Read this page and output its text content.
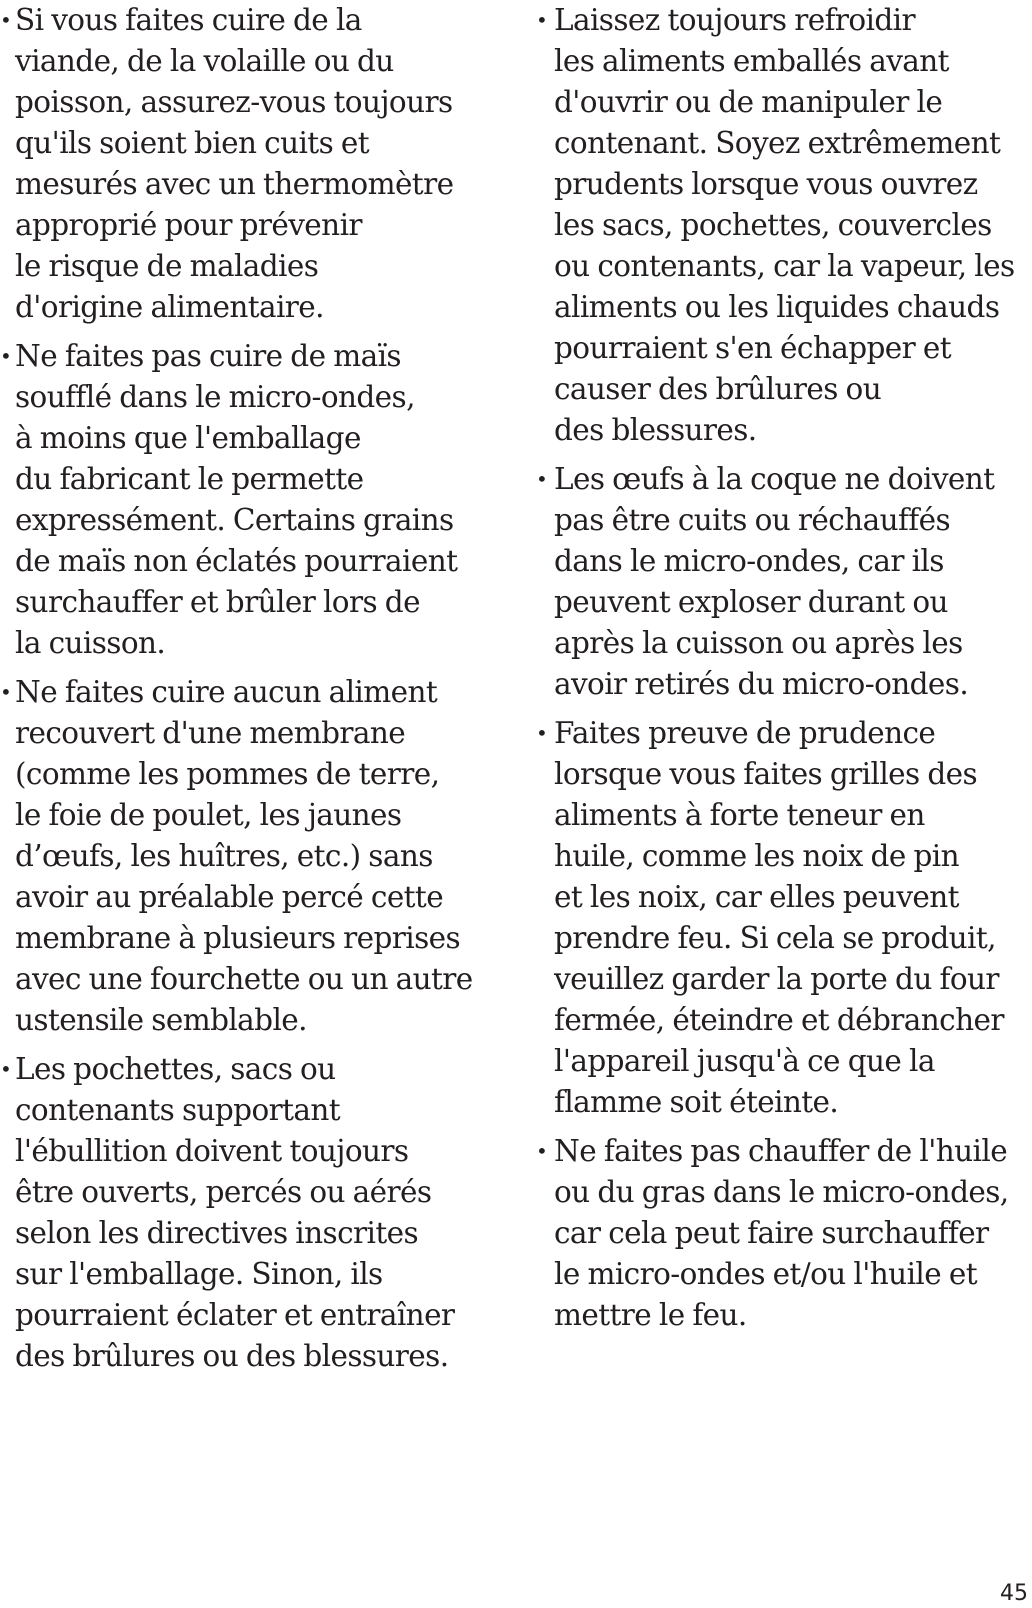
• Si vous faites cuire de la
viande, de la volaille ou du
poisson, assurez-vous toujours
qu'ils soient bien cuits et
mesurés avec un thermomètre
approprié pour prévenir
le risque de maladies
d'origine alimentaire.
• Ne faites pas cuire de maïs
soufflé dans le micro-ondes,
à moins que l'emballage
du fabricant le permette
expressément. Certains grains
de maïs non éclatés pourraient
surchauffer et brûler lors de
la cuisson.
• Ne faites cuire aucun aliment
recouvert d'une membrane
(comme les pommes de terre,
le foie de poulet, les jaunes
d’œufs, les huîtres, etc.) sans
avoir au préalable percé cette
membrane à plusieurs reprises
avec une fourchette ou un autre
ustensile semblable.
• Les pochettes, sacs ou
contenants supportant
l'ébullition doivent toujours
être ouverts, percés ou aérés
selon les directives inscrites
sur l'emballage. Sinon, ils
pourraient éclater et entraîner
des brûlures ou des blessures.
• Laissez toujours refroidir
les aliments emballés avant
d'ouvrir ou de manipuler le
contenant. Soyez extrêmement
prudents lorsque vous ouvrez
les sacs, pochettes, couvercles
ou contenants, car la vapeur, les
aliments ou les liquides chauds
pourraient s'en échapper et
causer des brûlures ou
des blessures.
• Les œufs à la coque ne doivent
pas être cuits ou réchauffés
dans le micro-ondes, car ils
peuvent exploser durant ou
après la cuisson ou après les
avoir retirés du micro-ondes.
• Faites preuve de prudence
lorsque vous faites grilles des
aliments à forte teneur en
huile, comme les noix de pin
et les noix, car elles peuvent
prendre feu. Si cela se produit,
veuillez garder la porte du four
fermée, éteindre et débrancher
l'appareil jusqu'à ce que la
flamme soit éteinte.
• Ne faites pas chauffer de l'huile
ou du gras dans le micro-ondes,
car cela peut faire surchauffer
le micro-ondes et/ou l'huile et
mettre le feu.
45
